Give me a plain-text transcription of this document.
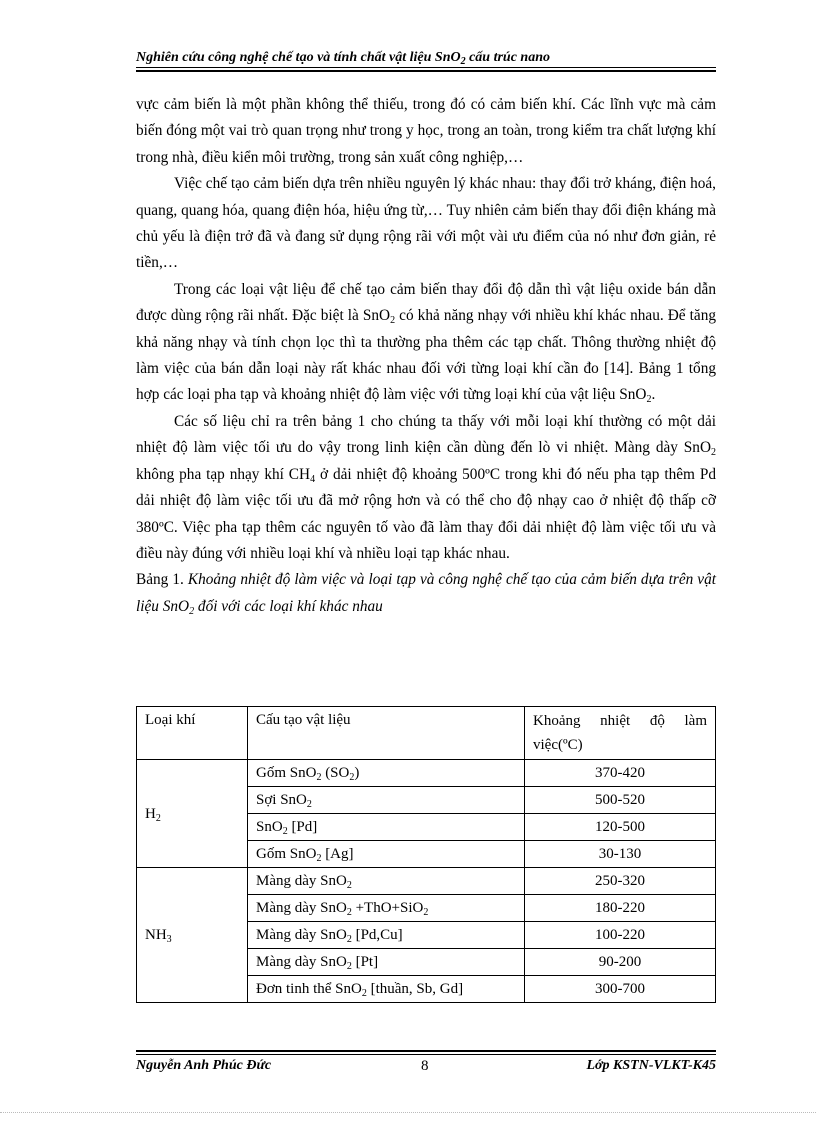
Nghiên cứu công nghệ chế tạo và tính chất vật liệu SnO$_2$ cấu trúc nano

vực cảm biến là một phần không thể thiếu, trong đó có cảm biến khí. Các lĩnh vực mà cảm biến đóng một vai trò quan trọng như trong y học, trong an toàn, trong kiểm tra chất lượng khí trong nhà, điều kiển môi trường, trong sản xuất công nghiệp,…

Việc chế tạo cảm biến dựa trên nhiều nguyên lý khác nhau: thay đổi trở kháng, điện hoá, quang, quang hóa, quang điện hóa, hiệu ứng từ,… Tuy nhiên cảm biến thay đổi điện kháng mà chủ yếu là điện trở đã và đang sử dụng rộng rãi với một vài ưu điểm của nó như đơn giản, rẻ tiền,…

Trong các loại vật liệu để chế tạo cảm biến thay đổi độ dẫn thì vật liệu oxide bán dẫn được dùng rộng rãi nhất. Đặc biệt là SnO$_2$ có khả năng nhạy với nhiều khí khác nhau. Để tăng khả năng nhạy và tính chọn lọc thì ta thường pha thêm các tạp chất. Thông thường nhiệt độ làm việc của bán dẫn loại này rất khác nhau đối với từng loại khí cần đo [14]. Bảng 1 tổng hợp các loại pha tạp và khoảng nhiệt độ làm việc với từng loại khí của vật liệu SnO$_2$.

Các số liệu chỉ ra trên bảng 1 cho chúng ta thấy với mỗi loại khí thường có một dải nhiệt độ làm việc tối ưu do vậy trong linh kiện cần dùng đến lò vi nhiệt. Màng dày SnO$_2$ không pha tạp nhạy khí $CH_4$ ở dải nhiệt độ khoảng 500ºC trong khi đó nếu pha tạp thêm Pd dải nhiệt độ làm việc tối ưu đã mở rộng hơn và có thể cho độ nhạy cao ở nhiệt độ thấp cỡ 380ºC. Việc pha tạp thêm các nguyên tố vào đã làm thay đổi dải nhiệt độ làm việc tối ưu và điều này đúng với nhiều loại khí và nhiều loại tạp khác nhau.

Bảng 1. Khoảng nhiệt độ làm việc và loại tạp và công nghệ chế tạo của cảm biến dựa trên vật liệu SnO$_2$ đối với các loại khí khác nhau

Loại khí	Cấu tạo vật liệu	Khoảng nhiệt độ làm việc(ºC)
$H_2$	Gốm SnO$_2$ $(SO_2)$	370-420
	Sợi SnO$_2$	500-520
	SnO$_2$ [Pd]	120-500
	Gốm SnO$_2$ [Ag]	30-130
$NH_3$	Màng dày SnO$_2$	250-320
	Màng dày SnO$_2$ +ThO+SiO$_2$	180-220
	Màng dày SnO$_2$ [Pd,Cu]	100-220
	Màng dày SnO$_2$ [Pt]	90-200
	Đơn tinh thể SnO$_2$ [thuần, Sb, Gd]	300-700
Nguyễn Anh Phúc Đức	8	Lớp KSTN-VLKT-K45
